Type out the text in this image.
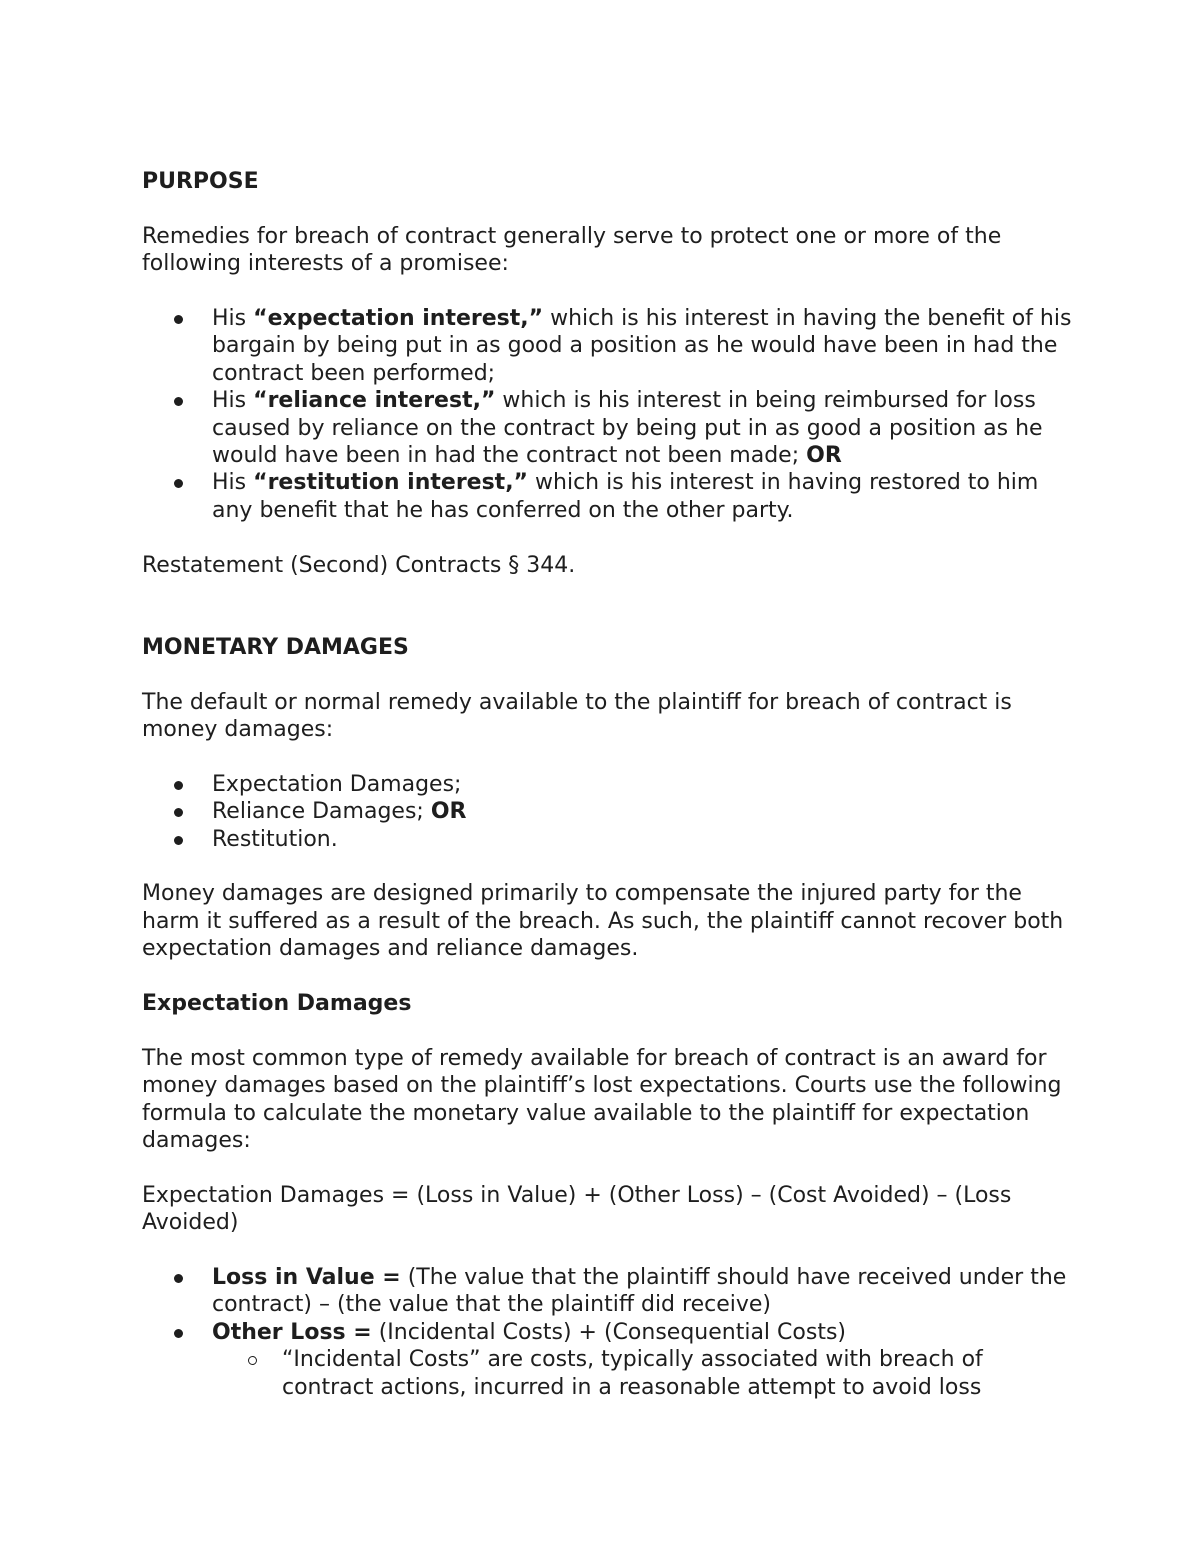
PURPOSE

Remedies for breach of contract generally serve to protect one or more of the following interests of a promisee:

His “expectation interest,” which is his interest in having the benefit of his bargain by being put in as good a position as he would have been in had the contract been performed;
His “reliance interest,” which is his interest in being reimbursed for loss caused by reliance on the contract by being put in as good a position as he would have been in had the contract not been made; OR
His “restitution interest,” which is his interest in having restored to him any benefit that he has conferred on the other party.

Restatement (Second) Contracts § 344.

MONETARY DAMAGES

The default or normal remedy available to the plaintiff for breach of contract is money damages:

Expectation Damages;
Reliance Damages; OR
Restitution.

Money damages are designed primarily to compensate the injured party for the harm it suffered as a result of the breach. As such, the plaintiff cannot recover both expectation damages and reliance damages.

Expectation Damages

The most common type of remedy available for breach of contract is an award for money damages based on the plaintiff’s lost expectations. Courts use the following formula to calculate the monetary value available to the plaintiff for expectation damages:

Expectation Damages = (Loss in Value) + (Other Loss) – (Cost Avoided) – (Loss Avoided)

Loss in Value = (The value that the plaintiff should have received under the contract) – (the value that the plaintiff did receive)
Other Loss = (Incidental Costs) + (Consequential Costs)
“Incidental Costs” are costs, typically associated with breach of contract actions, incurred in a reasonable attempt to avoid loss
